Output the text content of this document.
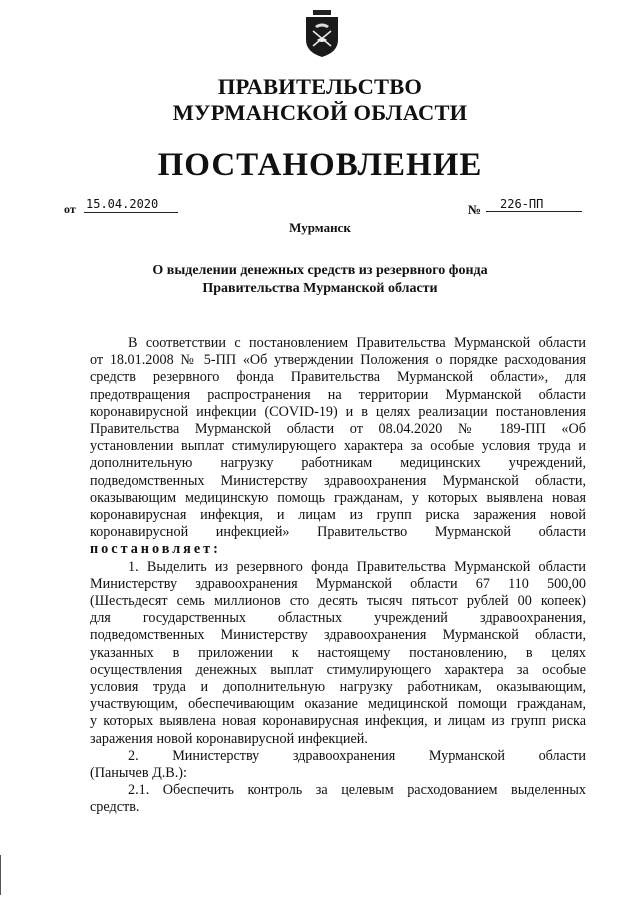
ПРАВИТЕЛЬСТВО
МУРМАНСКОЙ ОБЛАСТИ
ПОСТАНОВЛЕНИЕ
от 15.04.2020	№	226-ПП
Мурманск
О выделении денежных средств из резервного фонда
Правительства Мурманской области

В соответствии с постановлением Правительства Мурманской области

от 18.01.2008 № 5-ПП «Об утверждении Положения о порядке расходования

средств резервного фонда Правительства Мурманской области», для

предотвращения распространения на территории Мурманской области

коронавирусной инфекции (COVID-19) и в целях реализации постановления

Правительства Мурманской области от 08.04.2020 № 189-ПП «Об

установлении выплат стимулирующего характера за особые условия труда и

дополнительную нагрузку работникам медицинских учреждений,

подведомственных Министерству здравоохранения Мурманской области,

оказывающим медицинскую помощь гражданам, у которых выявлена новая

коронавирусная инфекция, и лицам из групп риска заражения новой

коронавирусной инфекцией» Правительство Мурманской области

постановляет:

1. Выделить из резервного фонда Правительства Мурманской области

Министерству здравоохранения Мурманской области 67 110 500,00

(Шестьдесят семь миллионов сто десять тысяч пятьсот рублей 00 копеек)

для государственных областных учреждений здравоохранения,

подведомственных Министерству здравоохранения Мурманской области,

указанных в приложении к настоящему постановлению, в целях

осуществления денежных выплат стимулирующего характера за особые

условия труда и дополнительную нагрузку работникам, оказывающим,

участвующим, обеспечивающим оказание медицинской помощи гражданам,

у которых выявлена новая коронавирусная инфекция, и лицам из групп риска

заражения новой коронавирусной инфекцией.

2. Министерству здравоохранения Мурманской области

(Панычев Д.В.):

2.1. Обеспечить контроль за целевым расходованием выделенных

средств.
